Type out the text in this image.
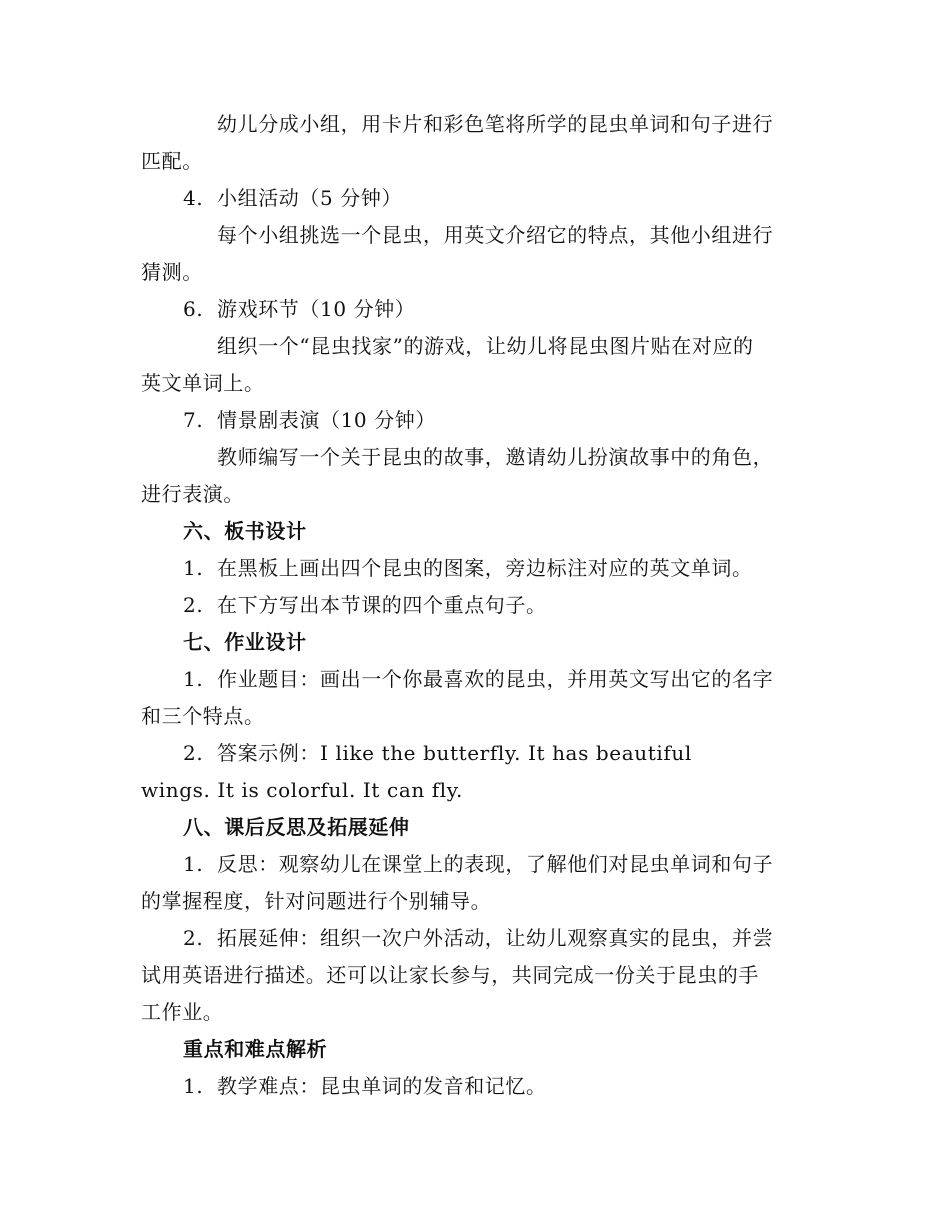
幼儿分成小组，用卡片和彩色笔将所学的昆虫单词和句子进行
匹配。
4. 小组活动（5 分钟）
每个小组挑选一个昆虫，用英文介绍它的特点，其他小组进行
猜测。
6. 游戏环节（10 分钟）
组织一个“昆虫找家”的游戏，让幼儿将昆虫图片贴在对应的
英文单词上。
7. 情景剧表演（10 分钟）
教师编写一个关于昆虫的故事，邀请幼儿扮演故事中的角色，
进行表演。
六、板书设计
1. 在黑板上画出四个昆虫的图案，旁边标注对应的英文单词。
2. 在下方写出本节课的四个重点句子。
七、作业设计
1. 作业题目：画出一个你最喜欢的昆虫，并用英文写出它的名字
和三个特点。
2. 答案示例：I like the butterfly. It has beautiful
wings. It is colorful. It can fly.
八、课后反思及拓展延伸
1. 反思：观察幼儿在课堂上的表现，了解他们对昆虫单词和句子
的掌握程度，针对问题进行个别辅导。
2. 拓展延伸：组织一次户外活动，让幼儿观察真实的昆虫，并尝
试用英语进行描述。还可以让家长参与，共同完成一份关于昆虫的手
工作业。
重点和难点解析
1. 教学难点：昆虫单词的发音和记忆。
